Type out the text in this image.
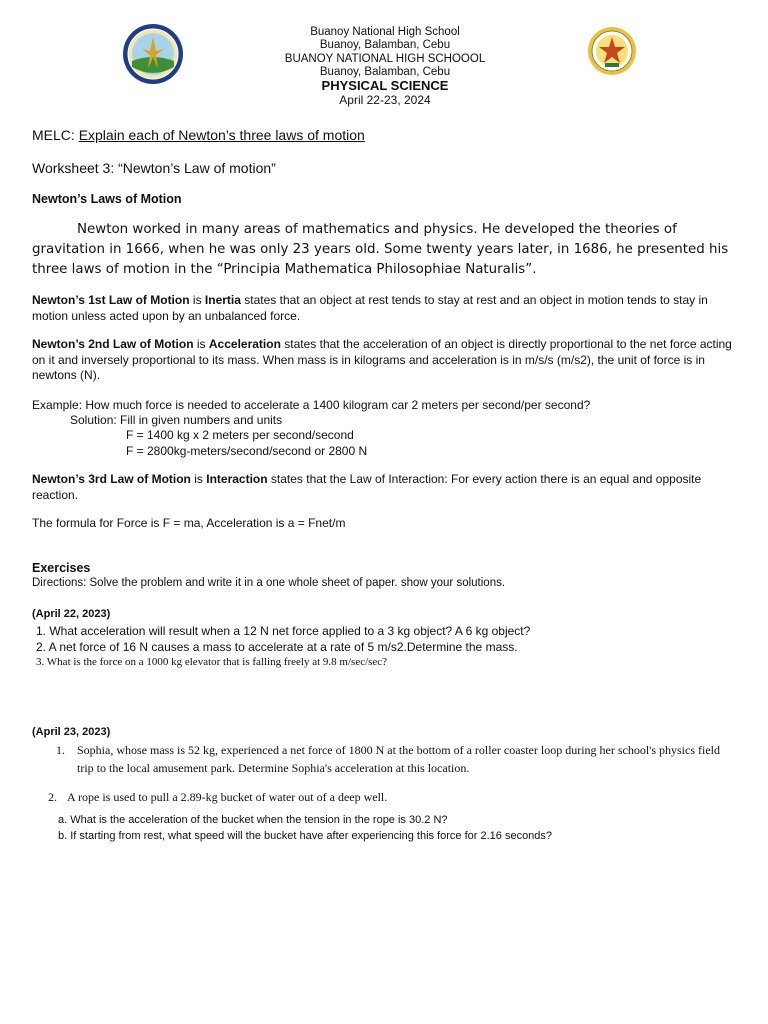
Buanoy National High School
Buanoy, Balamban, Cebu
BUANOY NATIONAL HIGH SCHOOOL
Buanoy, Balamban, Cebu
PHYSICAL SCIENCE
April 22-23, 2024
MELC: Explain each of Newton’s three laws of motion
Worksheet 3: “Newton’s Law of motion”
Newton’s Laws of Motion
Newton worked in many areas of mathematics and physics. He developed the theories of gravitation in 1666, when he was only 23 years old. Some twenty years later, in 1686, he presented his three laws of motion in the “Principia Mathematica Philosophiae Naturalis”.
Newton’s 1st Law of Motion is Inertia states that an object at rest tends to stay at rest and an object in motion tends to stay in motion unless acted upon by an unbalanced force.
Newton’s 2nd Law of Motion is Acceleration states that the acceleration of an object is directly proportional to the net force acting on it and inversely proportional to its mass. When mass is in kilograms and acceleration is in m/s/s (m/s2), the unit of force is in newtons (N).
Example: How much force is needed to accelerate a 1400 kilogram car 2 meters per second/per second?
Solution: Fill in given numbers and units
F = 1400 kg x 2 meters per second/second
F = 2800kg-meters/second/second or 2800 N
Newton’s 3rd Law of Motion is Interaction states that the Law of Interaction: For every action there is an equal and opposite reaction.
The formula for Force is F = ma, Acceleration is a = Fnet/m
Exercises
Directions: Solve the problem and write it in a one whole sheet of paper. show your solutions.
(April 22, 2023)
1. What acceleration will result when a 12 N net force applied to a 3 kg object? A 6 kg object?
2. A net force of 16 N causes a mass to accelerate at a rate of 5 m/s2.Determine the mass.
3. What is the force on a 1000 kg elevator that is falling freely at 9.8 m/sec/sec?
(April 23, 2023)
1. Sophia, whose mass is 52 kg, experienced a net force of 1800 N at the bottom of a roller coaster loop during her school's physics field trip to the local amusement park. Determine Sophia's acceleration at this location.
2. A rope is used to pull a 2.89-kg bucket of water out of a deep well.
a. What is the acceleration of the bucket when the tension in the rope is 30.2 N?
b. If starting from rest, what speed will the bucket have after experiencing this force for 2.16 seconds?
